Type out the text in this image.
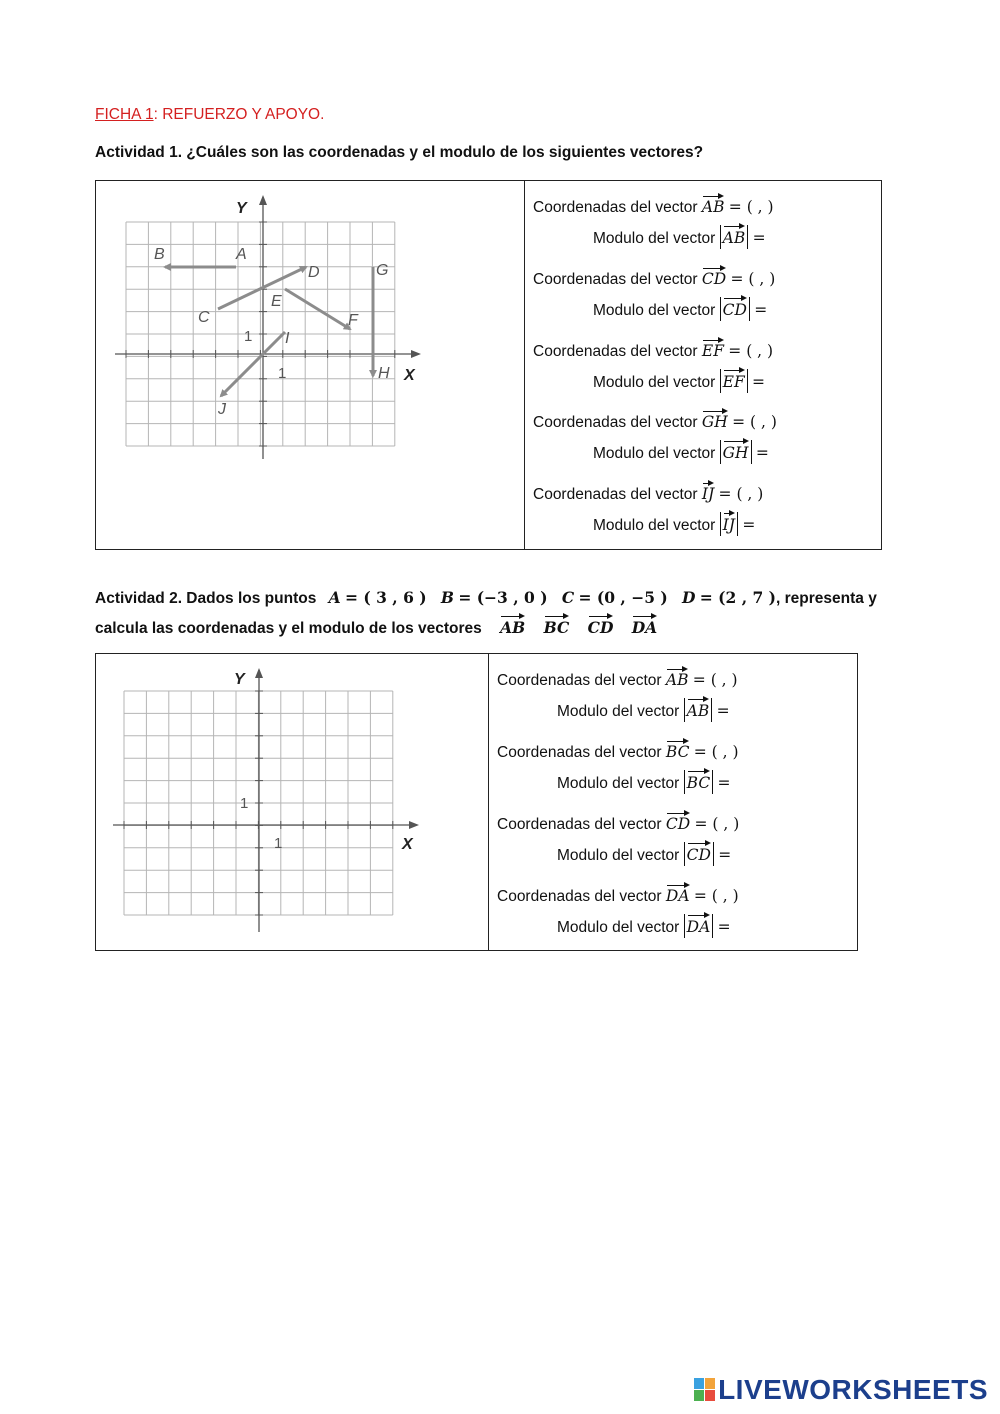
FICHA 1: REFUERZO Y APOYO.
Actividad 1. ¿Cuáles son las coordenadas y el modulo de los siguientes vectores?
A
B
C
D
E
F
G
H
I
J
1
1
Y
X
Coordenadas del vector AB = ( , )
Modulo del vector AB =
Coordenadas del vector CD = ( , )
Modulo del vector CD =
Coordenadas del vector EF = ( , )
Modulo del vector EF =
Coordenadas del vector GH = ( , )
Modulo del vector GH =
Coordenadas del vector IJ = ( , )
Modulo del vector IJ =
Actividad 2. Dados los puntos A = ( 3 , 6 ) B = (−3 , 0 ) C = (0 , −5 ) D = (2 , 7 ), representa y
calcula las coordenadas y el modulo de los vectores AB BC CD DA
1
1
Y
X
Coordenadas del vector AB = ( , )
Modulo del vector AB =
Coordenadas del vector BC = ( , )
Modulo del vector BC =
Coordenadas del vector CD = ( , )
Modulo del vector CD =
Coordenadas del vector DA = ( , )
Modulo del vector DA =
LIVEWORKSHEETS
